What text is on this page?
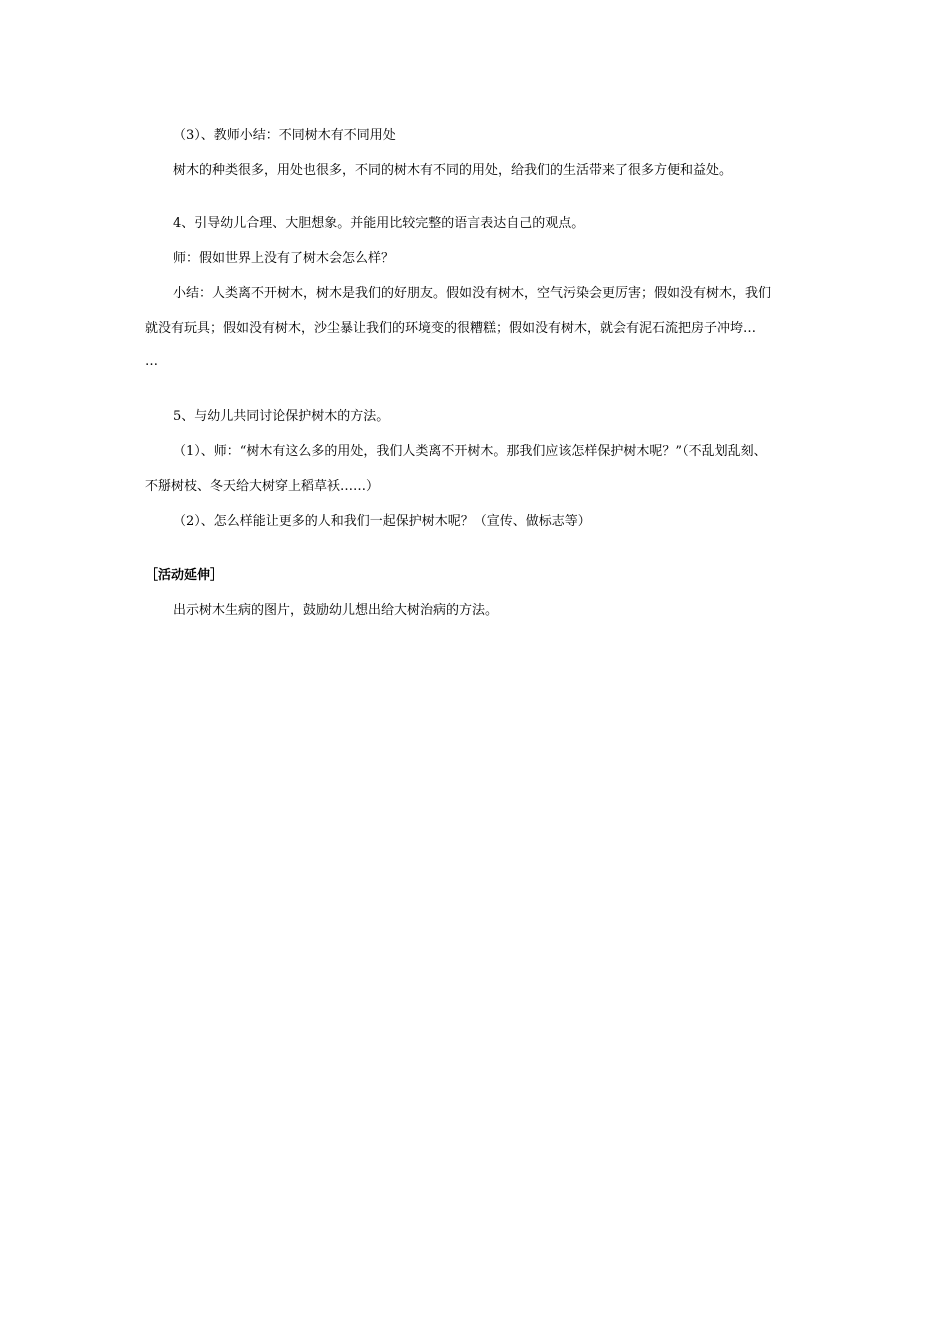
（3）、教师小结：不同树木有不同用处
树木的种类很多，用处也很多，不同的树木有不同的用处，给我们的生活带来了很多方便和益处。
4、引导幼儿合理、大胆想象。并能用比较完整的语言表达自己的观点。
师：假如世界上没有了树木会怎么样？
小结：人类离不开树木，树木是我们的好朋友。假如没有树木，空气污染会更厉害；假如没有树木，我们
就没有玩具；假如没有树木，沙尘暴让我们的环境变的很糟糕；假如没有树木，就会有泥石流把房子冲垮…
…
5、与幼儿共同讨论保护树木的方法。
（1）、师：“树木有这么多的用处，我们人类离不开树木。那我们应该怎样保护树木呢？”（不乱划乱刻、
不掰树枝、冬天给大树穿上稻草袄……）
（2）、怎么样能让更多的人和我们一起保护树木呢？（宣传、做标志等）
［活动延伸］
出示树木生病的图片，鼓励幼儿想出给大树治病的方法。
